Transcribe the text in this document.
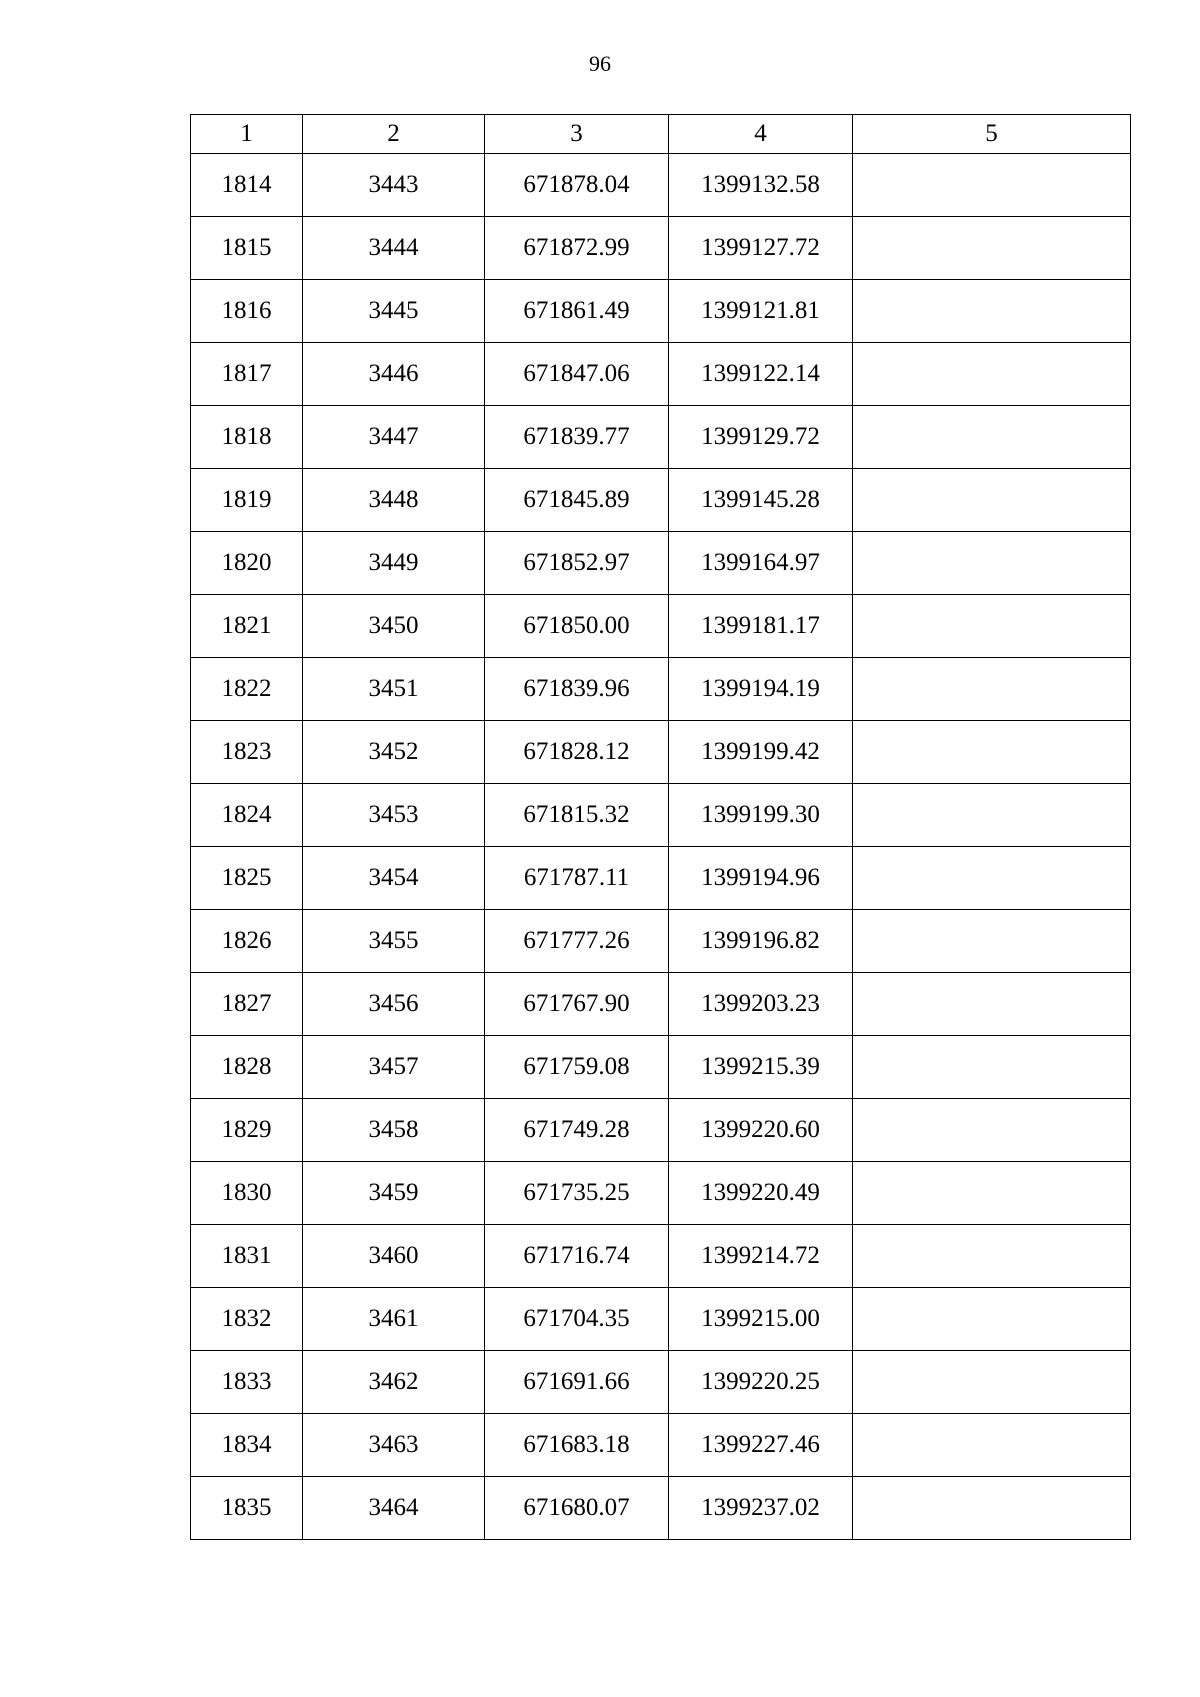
96
1	2	3	4	5
1814	3443	671878.04	1399132.58	
1815	3444	671872.99	1399127.72	
1816	3445	671861.49	1399121.81	
1817	3446	671847.06	1399122.14	
1818	3447	671839.77	1399129.72	
1819	3448	671845.89	1399145.28	
1820	3449	671852.97	1399164.97	
1821	3450	671850.00	1399181.17	
1822	3451	671839.96	1399194.19	
1823	3452	671828.12	1399199.42	
1824	3453	671815.32	1399199.30	
1825	3454	671787.11	1399194.96	
1826	3455	671777.26	1399196.82	
1827	3456	671767.90	1399203.23	
1828	3457	671759.08	1399215.39	
1829	3458	671749.28	1399220.60	
1830	3459	671735.25	1399220.49	
1831	3460	671716.74	1399214.72	
1832	3461	671704.35	1399215.00	
1833	3462	671691.66	1399220.25	
1834	3463	671683.18	1399227.46	
1835	3464	671680.07	1399237.02	
